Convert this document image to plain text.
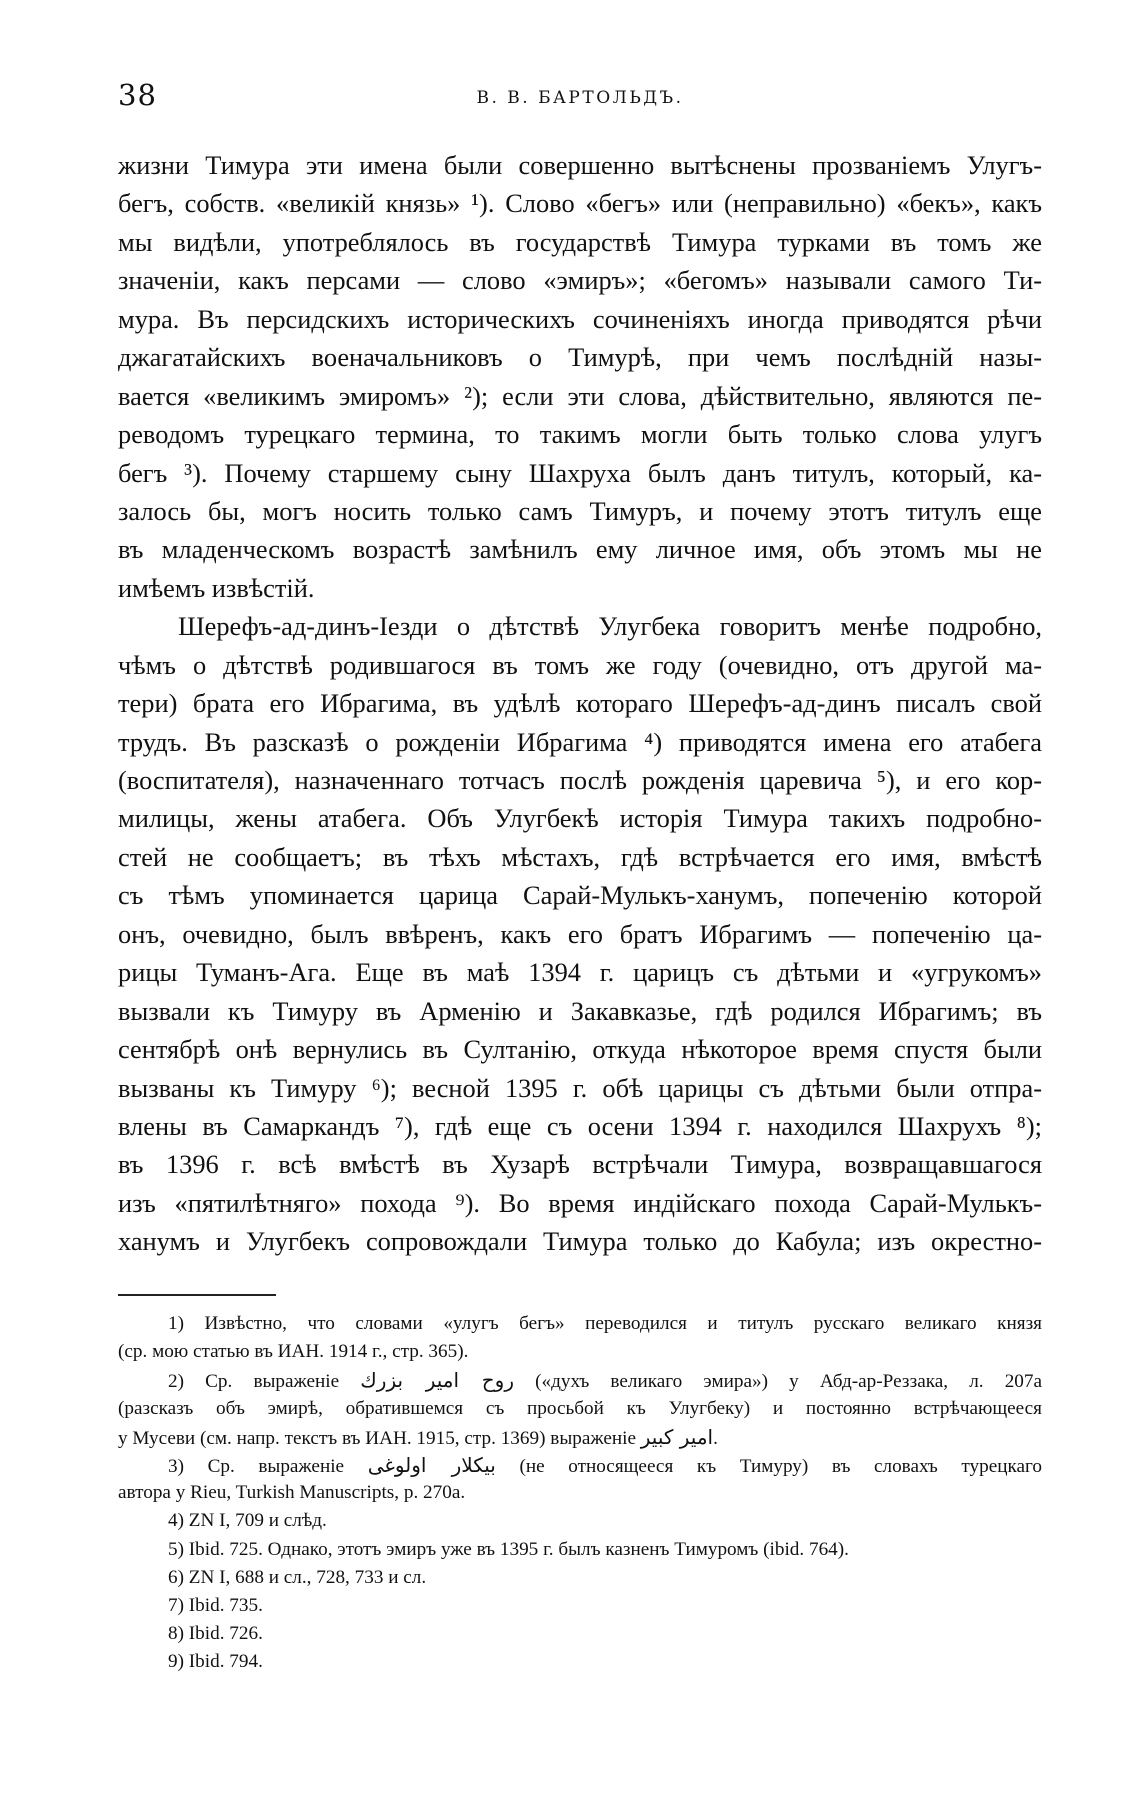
38	В. В. БАРТОЛЬДЪ.
жизни Тимура эти имена были совершенно вытѣснены прозваніемъ Улугъ-
бегъ, собств. «великій князь» ¹). Слово «бегъ» или (неправильно) «бекъ», какъ
мы видѣли, употреблялось въ государствѣ Тимура турками въ томъ же
значеніи, какъ персами — слово «эмиръ»; «бегомъ» называли самого Ти-
мура. Въ персидскихъ историческихъ сочиненіяхъ иногда приводятся рѣчи
джагатайскихъ военачальниковъ о Тимурѣ, при чемъ послѣдній назы-
вается «великимъ эмиромъ» ²); если эти слова, дѣйствительно, являются пе-
реводомъ турецкаго термина, то такимъ могли быть только слова улугъ
бегъ ³). Почему старшему сыну Шахруха былъ данъ титулъ, который, ка-
залось бы, могъ носить только самъ Тимуръ, и почему этотъ титулъ еще
въ младенческомъ возрастѣ замѣнилъ ему личное имя, объ этомъ мы не
имѣемъ извѣстій.
Шерефъ-ад-динъ-Іезди о дѣтствѣ Улугбека говоритъ менѣе подробно,
чѣмъ о дѣтствѣ родившагося въ томъ же году (очевидно, отъ другой ма-
тери) брата его Ибрагима, въ удѣлѣ котораго Шерефъ-ад-динъ писалъ свой
трудъ. Въ разсказѣ о рожденіи Ибрагима ⁴) приводятся имена его атабега
(воспитателя), назначеннаго тотчасъ послѣ рожденія царевича ⁵), и его кор-
милицы, жены атабега. Объ Улугбекѣ исторія Тимура такихъ подробно-
стей не сообщаетъ; въ тѣхъ мѣстахъ, гдѣ встрѣчается его имя, вмѣстѣ
съ тѣмъ упоминается царица Сарай-Мулькъ-ханумъ, попеченію которой
онъ, очевидно, былъ ввѣренъ, какъ его братъ Ибрагимъ — попеченію ца-
рицы Туманъ-Ага. Еще въ маѣ 1394 г. царицъ съ дѣтьми и «угрукомъ»
вызвали къ Тимуру въ Арменію и Закавказье, гдѣ родился Ибрагимъ; въ
сентябрѣ онѣ вернулись въ Султанію, откуда нѣкоторое время спустя были
вызваны къ Тимуру ⁶); весной 1395 г. обѣ царицы съ дѣтьми были отпра-
влены въ Самаркандъ ⁷), гдѣ еще съ осени 1394 г. находился Шахрухъ ⁸);
въ 1396 г. всѣ вмѣстѣ въ Хузарѣ встрѣчали Тимура, возвращавшагося
изъ «пятилѣтняго» похода ⁹). Во время индійскаго похода Сарай-Мулькъ-
ханумъ и Улугбекъ сопровождали Тимура только до Кабула; изъ окрестно-
1) Извѣстно, что словами «улугъ бегъ» переводился и титулъ русскаго великаго князя
(ср. мою статью въ ИАН. 1914 г., стр. 365).
2) Ср. выраженіе روح امیر بزرك («духъ великаго эмира») у Абд-ар-Реззака, л. 207а
(разсказъ объ эмирѣ, обратившемся съ просьбой къ Улугбеку) и постоянно встрѣчающееся
у Мусеви (см. напр. текстъ въ ИАН. 1915, стр. 1369) выраженіе امیر کبیر.
3) Ср. выраженіе بیکلار اولوغی (не относящееся къ Тимуру) въ словахъ турецкаго
автора у Rieu, Turkish Manuscripts, p. 270а.
4) ZN I, 709 и слѣд.
5) Ibid. 725. Однако, этотъ эмиръ уже въ 1395 г. былъ казненъ Тимуромъ (ibid. 764).
6) ZN I, 688 и сл., 728, 733 и сл.
7) Ibid. 735.
8) Ibid. 726.
9) Ibid. 794.
